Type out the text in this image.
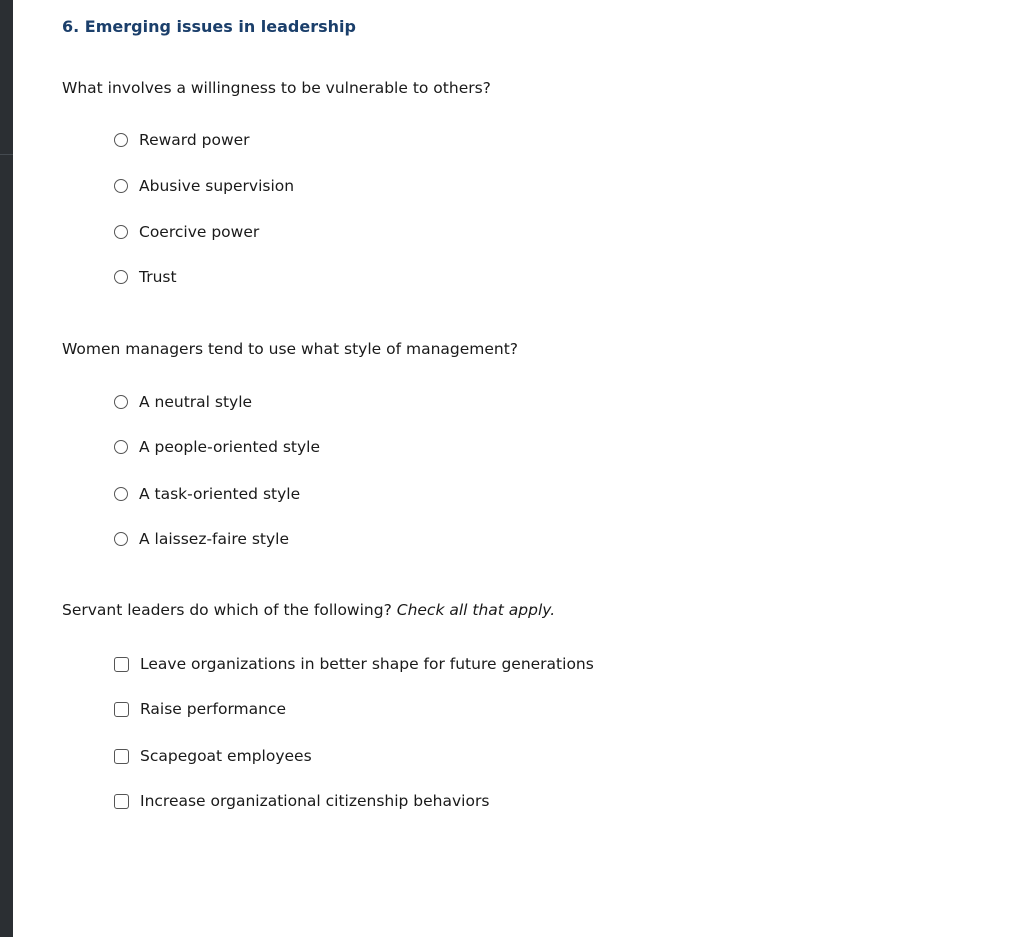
6. Emerging issues in leadership
What involves a willingness to be vulnerable to others?
Reward power
Abusive supervision
Coercive power
Trust
Women managers tend to use what style of management?
A neutral style
A people-oriented style
A task-oriented style
A laissez-faire style
Servant leaders do which of the following? Check all that apply.
Leave organizations in better shape for future generations
Raise performance
Scapegoat employees
Increase organizational citizenship behaviors
